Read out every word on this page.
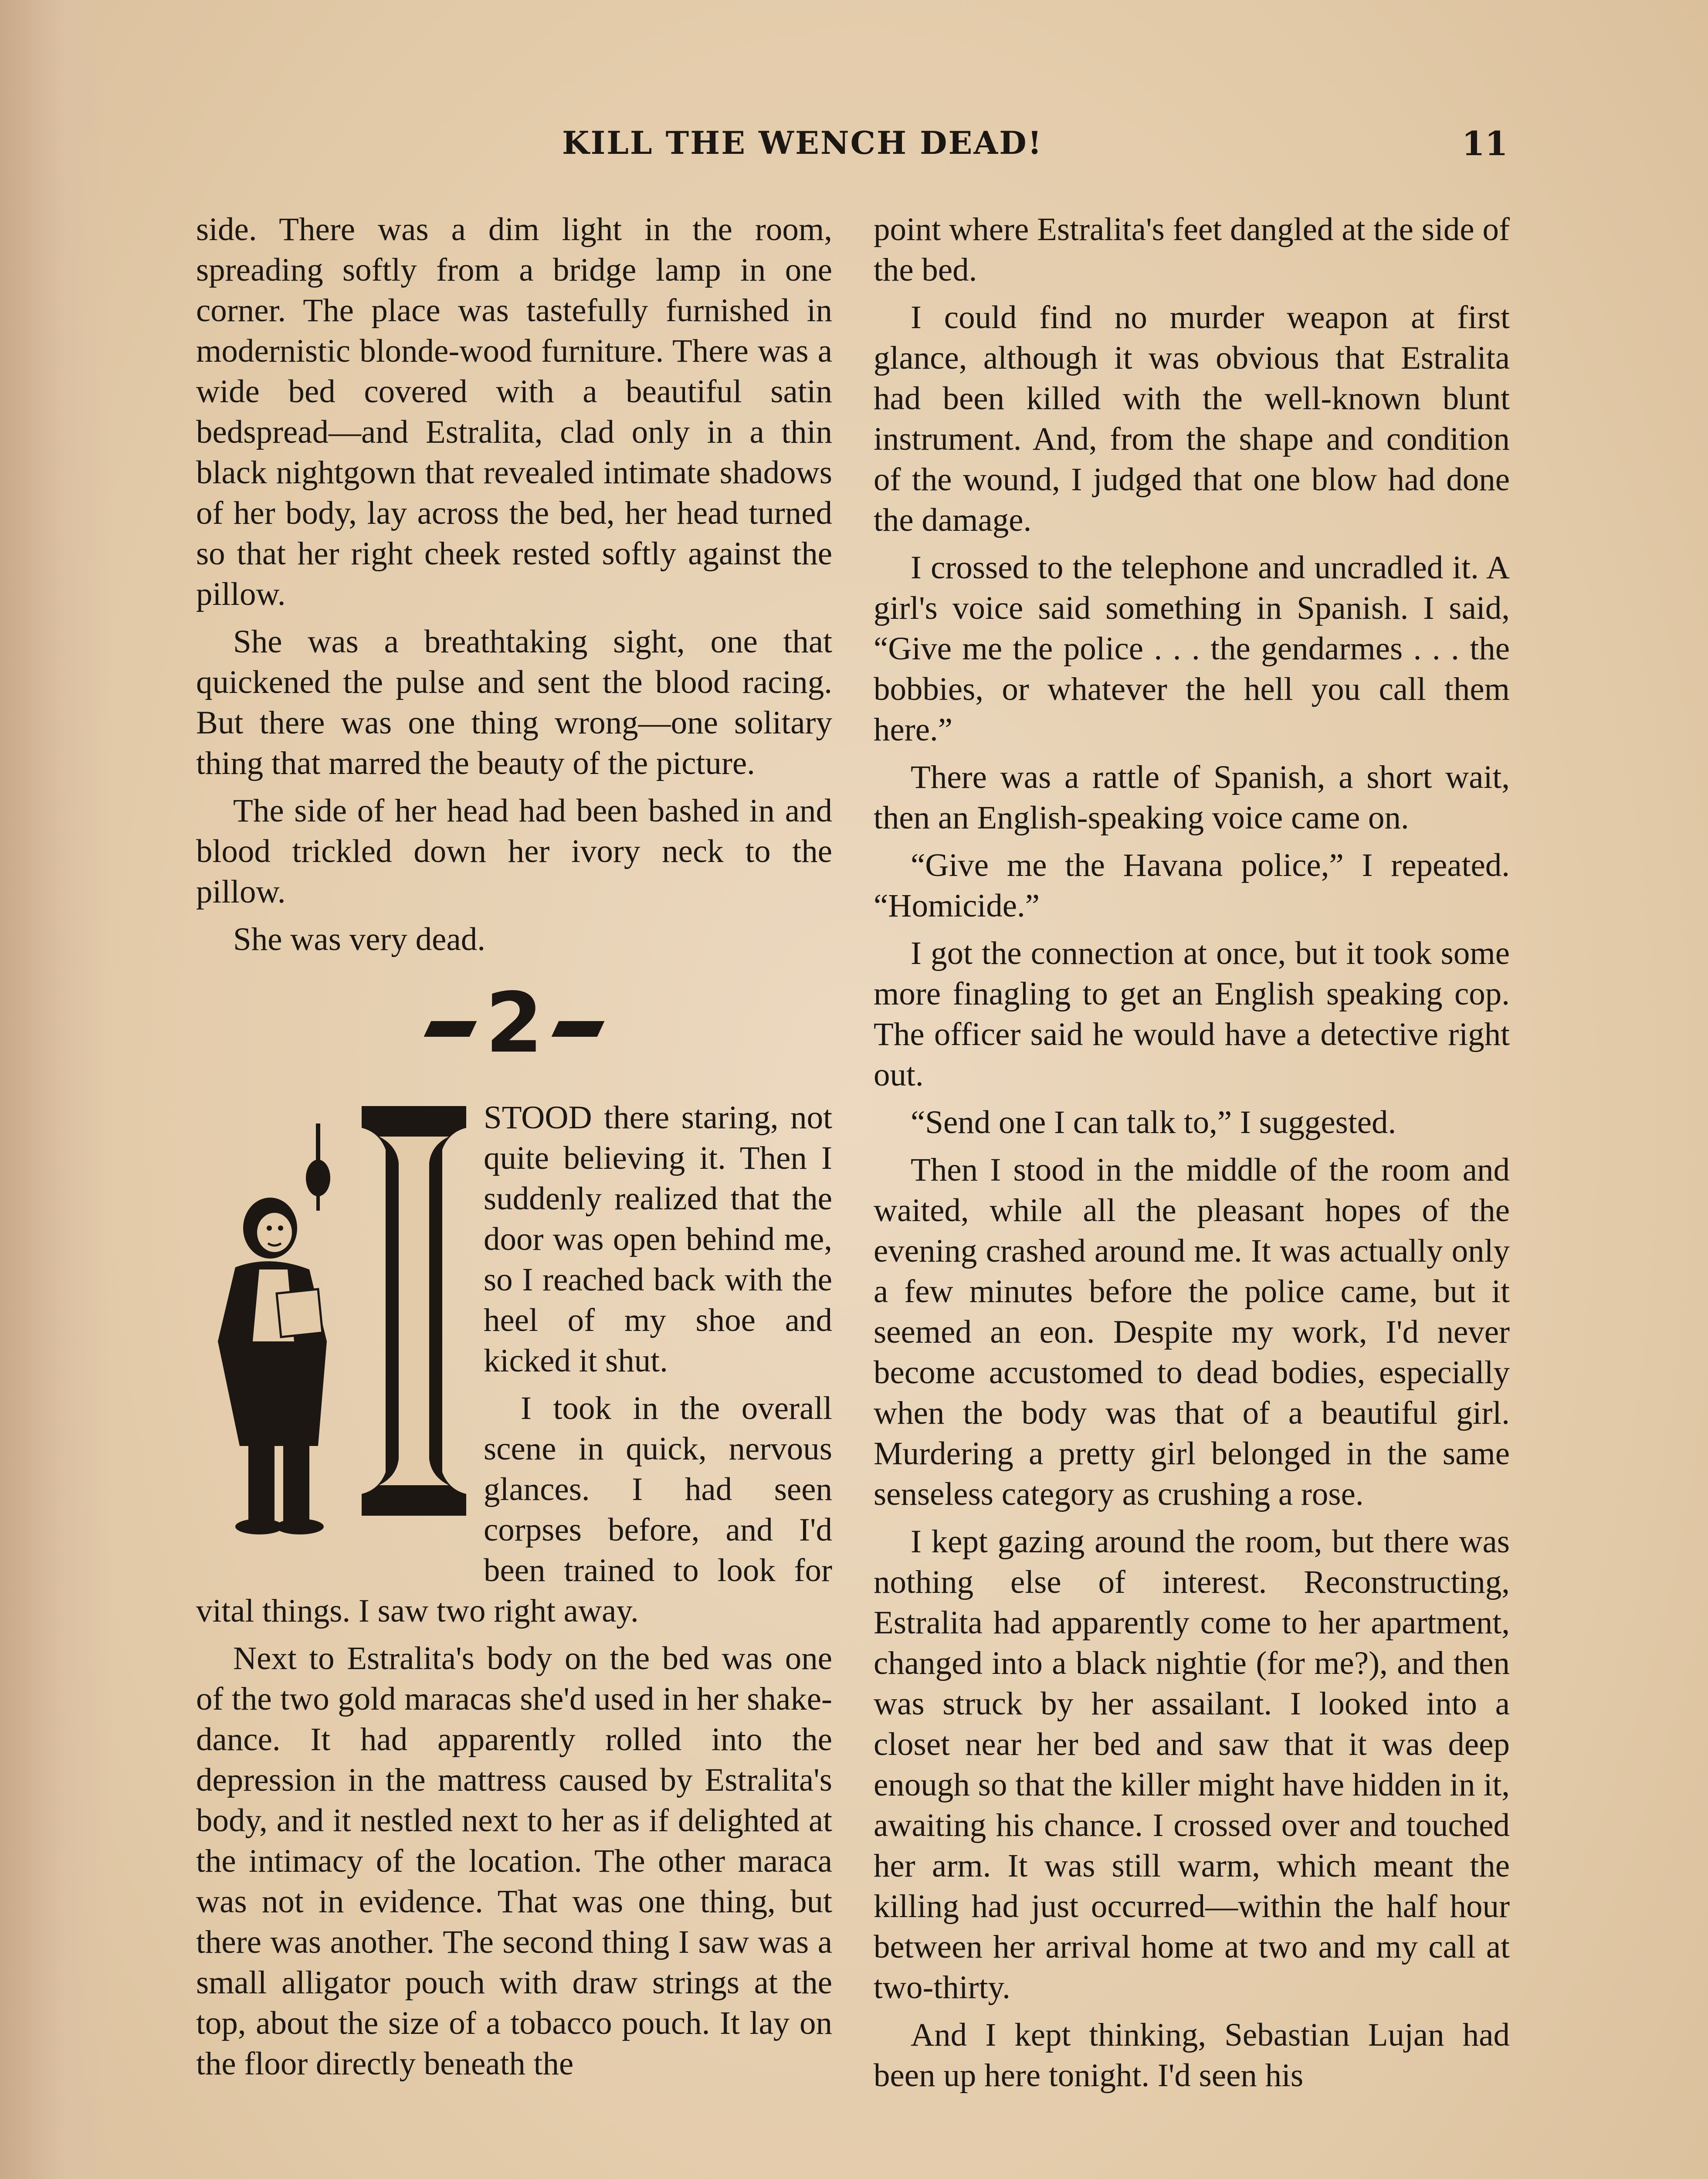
KILL THE WENCH DEAD!	11

side. There was a dim light in the room, spreading softly from a bridge lamp in one corner. The place was tastefully furnished in modernistic blonde-wood furniture. There was a wide bed covered with a beautiful satin bedspread—and Estralita, clad only in a thin black nightgown that revealed intimate shadows of her body, lay across the bed, her head turned so that her right cheek rested softly against the pillow.

She was a breathtaking sight, one that quickened the pulse and sent the blood racing. But there was one thing wrong—one solitary thing that marred the beauty of the picture.

The side of her head had been bashed in and blood trickled down her ivory neck to the pillow.

She was very dead.

2

STOOD there staring, not quite believing it. Then I suddenly realized that the door was open behind me, so I reached back with the heel of my shoe and kicked it shut.

I took in the overall scene in quick, nervous glances. I had seen corpses before, and I'd been trained to look for vital things. I saw two right away.

Next to Estralita's body on the bed was one of the two gold maracas she'd used in her shake-dance. It had apparently rolled into the depression in the mattress caused by Estralita's body, and it nestled next to her as if delighted at the intimacy of the location. The other maraca was not in evidence. That was one thing, but there was another. The second thing I saw was a small alligator pouch with draw strings at the top, about the size of a tobacco pouch. It lay on the floor directly beneath the

point where Estralita's feet dangled at the side of the bed.

I could find no murder weapon at first glance, although it was obvious that Estralita had been killed with the well-known blunt instrument. And, from the shape and condition of the wound, I judged that one blow had done the damage.

I crossed to the telephone and uncradled it. A girl's voice said something in Spanish. I said, “Give me the police . . . the gendarmes . . . the bobbies, or whatever the hell you call them here.”

There was a rattle of Spanish, a short wait, then an English-speaking voice came on.

“Give me the Havana police,” I repeated. “Homicide.”

I got the connection at once, but it took some more finagling to get an English speaking cop. The officer said he would have a detective right out.

“Send one I can talk to,” I suggested.

Then I stood in the middle of the room and waited, while all the pleasant hopes of the evening crashed around me. It was actually only a few minutes before the police came, but it seemed an eon. Despite my work, I'd never become accustomed to dead bodies, especially when the body was that of a beautiful girl. Murdering a pretty girl belonged in the same senseless category as crushing a rose.

I kept gazing around the room, but there was nothing else of interest. Reconstructing, Estralita had apparently come to her apartment, changed into a black nightie (for me?), and then was struck by her assailant. I looked into a closet near her bed and saw that it was deep enough so that the killer might have hidden in it, awaiting his chance. I crossed over and touched her arm. It was still warm, which meant the killing had just occurred—within the half hour between her arrival home at two and my call at two-thirty.

And I kept thinking, Sebastian Lujan had been up here tonight. I'd seen his
